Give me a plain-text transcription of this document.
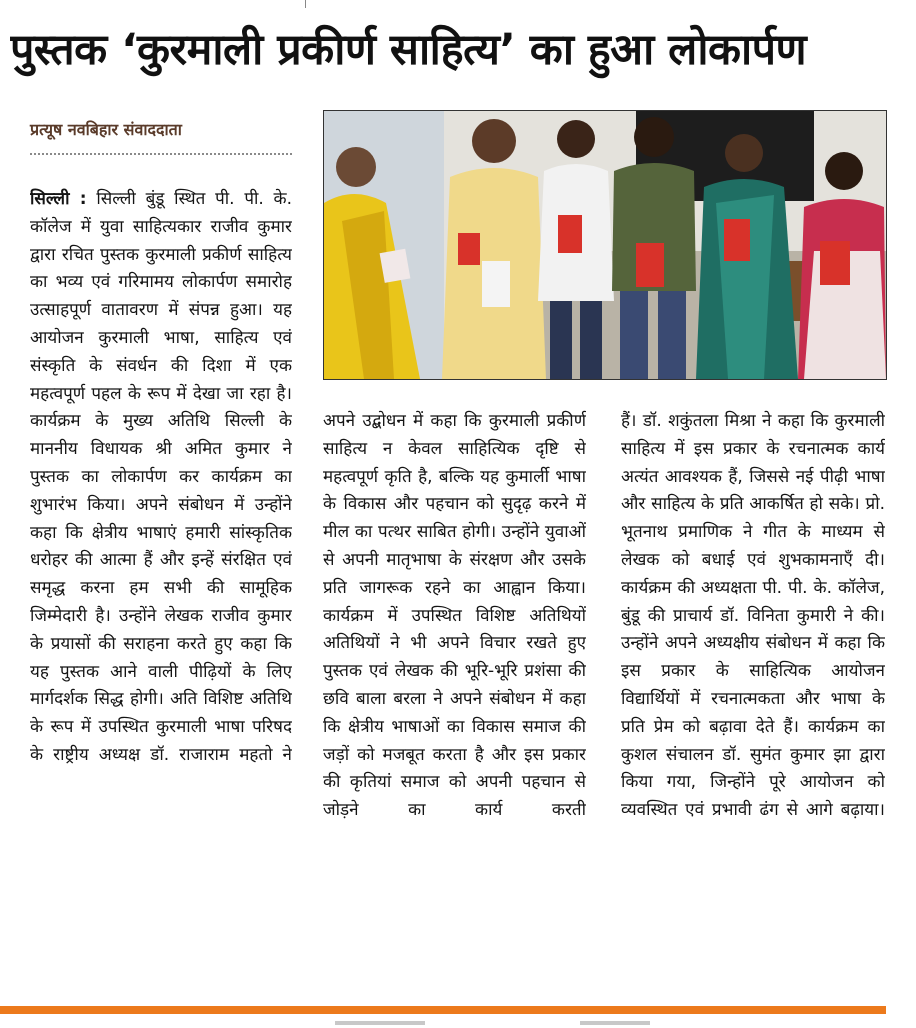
पुस्तक ‘कुरमाली प्रकीर्ण साहित्य’ का हुआ लोकार्पण
प्रत्यूष नवबिहार संवाददाता

सिल्ली : सिल्ली बुंडू स्थित पी. पी. के. कॉलेज में युवा साहित्यकार राजीव कुमार द्वारा रचित पुस्तक कुरमाली प्रकीर्ण साहित्य का भव्य एवं गरिमामय लोकार्पण समारोह उत्साहपूर्ण वातावरण में संपन्न हुआ। यह आयोजन कुरमाली भाषा, साहित्य एवं संस्कृति के संवर्धन की दिशा में एक महत्वपूर्ण पहल के रूप में देखा जा रहा है। कार्यक्रम के मुख्य अतिथि सिल्ली के माननीय विधायक श्री अमित कुमार ने पुस्तक का लोकार्पण कर कार्यक्रम का शुभारंभ किया। अपने संबोधन में उन्होंने कहा कि क्षेत्रीय भाषाएं हमारी सांस्कृतिक धरोहर की आत्मा हैं और इन्हें संरक्षित एवं समृद्ध करना हम सभी की सामूहिक जिम्मेदारी है। उन्होंने लेखक राजीव कुमार के प्रयासों की सराहना करते हुए कहा कि यह पुस्तक आने वाली पीढ़ियों के लिए मार्गदर्शक सिद्ध होगी। अति विशिष्ट अतिथि के रूप में उपस्थित कुरमाली भाषा परिषद के राष्ट्रीय अध्यक्ष डॉ. राजाराम महतो ने

अपने उद्बोधन में कहा कि कुरमाली प्रकीर्ण साहित्य न केवल साहित्यिक दृष्टि से महत्वपूर्ण कृति है, बल्कि यह कुमार्ली भाषा के विकास और पहचान को सुदृढ़ करने में मील का पत्थर साबित होगी। उन्होंने युवाओं से अपनी मातृभाषा के संरक्षण और उसके प्रति जागरूक रहने का आह्वान किया। कार्यक्रम में उपस्थित विशिष्ट अतिथियों अतिथियों ने भी अपने विचार रखते हुए पुस्तक एवं लेखक की भूरि-भूरि प्रशंसा की छवि बाला बरला ने अपने संबोधन में कहा कि क्षेत्रीय भाषाओं का विकास समाज की जड़ों को मजबूत करता है और इस प्रकार की कृतियां समाज को अपनी पहचान से जोड़ने का कार्य करती

हैं। डॉ. शकुंतला मिश्रा ने कहा कि कुरमाली साहित्य में इस प्रकार के रचनात्मक कार्य अत्यंत आवश्यक हैं, जिससे नई पीढ़ी भाषा और साहित्य के प्रति आकर्षित हो सके। प्रो. भूतनाथ प्रमाणिक ने गीत के माध्यम से लेखक को बधाई एवं शुभकामनाएँ दी। कार्यक्रम की अध्यक्षता पी. पी. के. कॉलेज, बुंडू की प्राचार्य डॉ. विनिता कुमारी ने की। उन्होंने अपने अध्यक्षीय संबोधन में कहा कि इस प्रकार के साहित्यिक आयोजन विद्यार्थियों में रचनात्मकता और भाषा के प्रति प्रेम को बढ़ावा देते हैं। कार्यक्रम का कुशल संचालन डॉ. सुमंत कुमार झा द्वारा किया गया, जिन्होंने पूरे आयोजन को व्यवस्थित एवं प्रभावी ढंग से आगे बढ़ाया।
